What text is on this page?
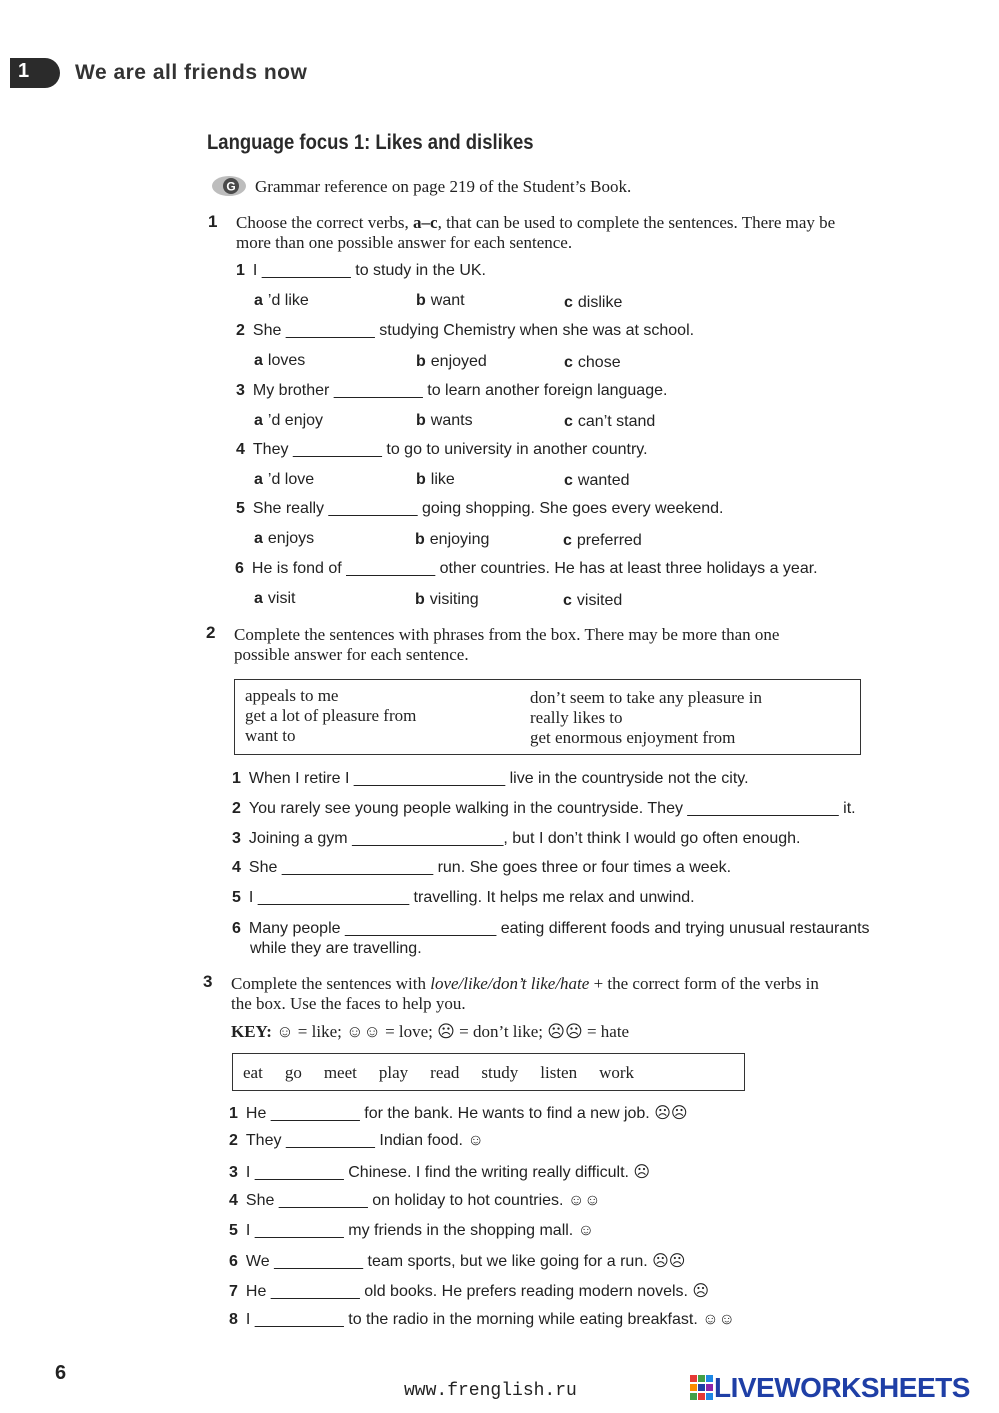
1 We are all friends now
Language focus 1: Likes and dislikes
G Grammar reference on page 219 of the Student’s Book.
1 Choose the correct verbs, a–c, that can be used to complete the sentences. There may be
more than one possible answer for each sentence.
1 I __________ to study in the UK.
a ’d like	b want	c dislike
2 She __________ studying Chemistry when she was at school.
a loves	b enjoyed	c chose
3 My brother __________ to learn another foreign language.
a ’d enjoy	b wants	c can’t stand
4 They __________ to go to university in another country.
a ’d love	b like	c wanted
5 She really __________ going shopping. She goes every weekend.
a enjoys	b enjoying	c preferred
6 He is fond of __________ other countries. He has at least three holidays a year.
a visit	b visiting	c visited
2 Complete the sentences with phrases from the box. There may be more than one
possible answer for each sentence.
appeals to me
get a lot of pleasure from
want to
don’t seem to take any pleasure in
really likes to
get enormous enjoyment from
1 When I retire I _________________ live in the countryside not the city.
2 You rarely see young people walking in the countryside. They _________________ it.
3 Joining a gym _________________, but I don’t think I would go often enough.
4 She _________________ run. She goes three or four times a week.
5 I _________________ travelling. It helps me relax and unwind.
6 Many people _________________ eating different foods and trying unusual restaurants
while they are travelling.
3 Complete the sentences with love/like/don’t like/hate + the correct form of the verbs in
the box. Use the faces to help you.
KEY: ☺ = like; ☺☺ = love; ☹ = don’t like; ☹☹ = hate
eat go meet play read study listen work
1 He __________ for the bank. He wants to find a new job. ☹☹
2 They __________ Indian food. ☺
3 I __________ Chinese. I find the writing really difficult. ☹
4 She __________ on holiday to hot countries. ☺☺
5 I __________ my friends in the shopping mall. ☺
6 We __________ team sports, but we like going for a run. ☹☹
7 He __________ old books. He prefers reading modern novels. ☹
8 I __________ to the radio in the morning while eating breakfast. ☺☺
6
www.frenglish.ru	LIVEWORKSHEETS
